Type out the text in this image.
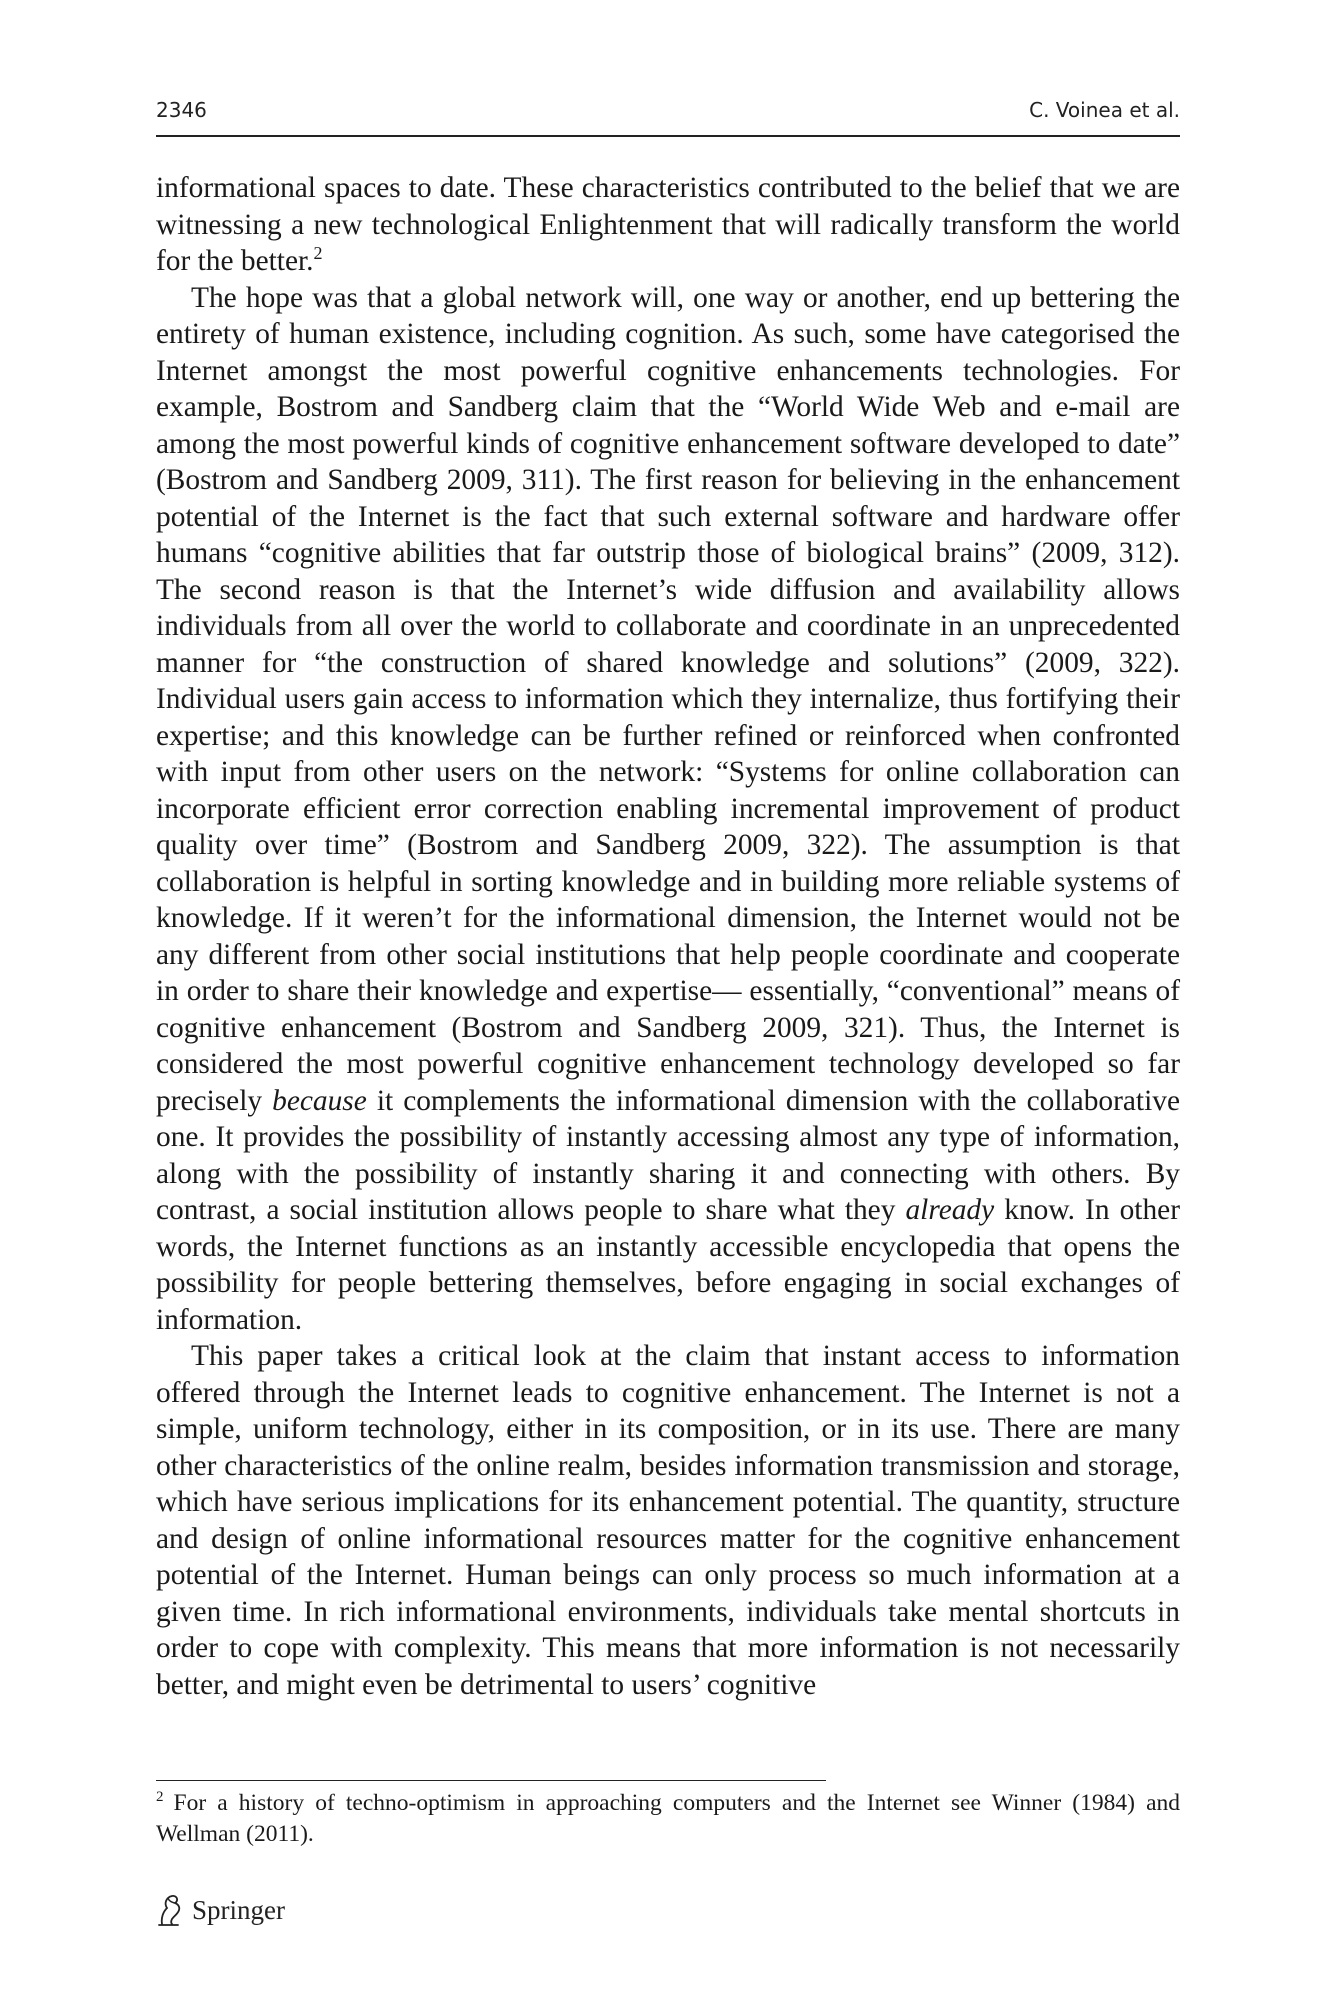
2346	C. Voinea et al.

informational spaces to date. These characteristics contributed to the belief that we are witnessing a new technological Enlightenment that will radically transform the world for the better.$^2$

The hope was that a global network will, one way or another, end up bettering the entirety of human existence, including cognition. As such, some have categorised the Internet amongst the most powerful cognitive enhancements technologies. For example, Bostrom and Sandberg claim that the “World Wide Web and e-mail are among the most powerful kinds of cognitive enhancement software developed to date” (Bostrom and Sandberg 2009, 311). The first reason for believing in the enhancement potential of the Internet is the fact that such external software and hardware offer humans “cognitive abilities that far outstrip those of biological brains” (2009, 312). The second reason is that the Internet’s wide diffusion and availability allows individuals from all over the world to collaborate and coordinate in an unprecedented manner for “the construction of shared knowledge and solutions” (2009, 322). Individual users gain access to information which they internalize, thus fortifying their expertise; and this knowledge can be further refined or reinforced when confronted with input from other users on the network: “Systems for online collaboration can incorporate efficient error correction enabling incremental improvement of product quality over time” (Bostrom and Sandberg 2009, 322). The assumption is that collaboration is helpful in sorting knowledge and in building more reliable systems of knowledge. If it weren’t for the informational dimension, the Internet would not be any different from other social institutions that help people coordinate and cooperate in order to share their knowledge and expertise— essentially, “conventional” means of cognitive enhancement (Bostrom and Sandberg 2009, 321). Thus, the Internet is considered the most powerful cognitive enhancement technology developed so far precisely because it complements the informational dimension with the collaborative one. It provides the possibility of instantly accessing almost any type of information, along with the possibility of instantly sharing it and connecting with others. By contrast, a social institution allows people to share what they already know. In other words, the Internet functions as an instantly accessible encyclopedia that opens the possibility for people bettering themselves, before engaging in social exchanges of information.

This paper takes a critical look at the claim that instant access to information offered through the Internet leads to cognitive enhancement. The Internet is not a simple, uniform technology, either in its composition, or in its use. There are many other characteristics of the online realm, besides information transmission and storage, which have serious implications for its enhancement potential. The quantity, structure and design of online informational resources matter for the cognitive enhancement potential of the Internet. Human beings can only process so much information at a given time. In rich informational environments, individuals take mental shortcuts in order to cope with complexity. This means that more information is not necessarily better, and might even be detrimental to users’ cognitive

$^2$ For a history of techno-optimism in approaching computers and the Internet see Winner (1984) and Wellman (2011).
Springer
